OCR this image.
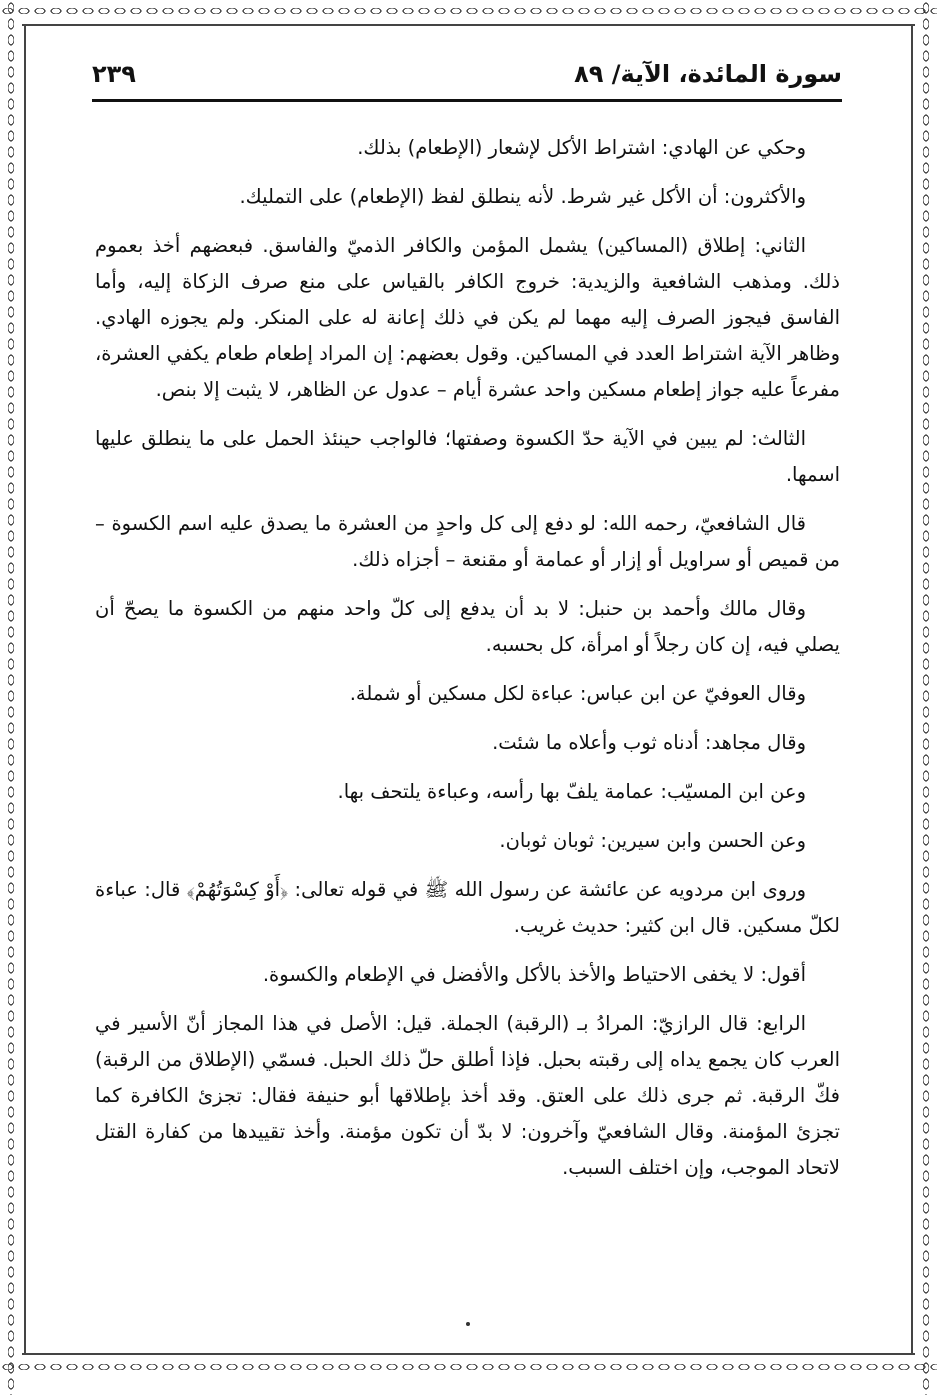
سورة المائدة، الآية/ ٨٩
٢٣٩

وحكي عن الهادي: اشتراط الأكل لإشعار (الإطعام) بذلك.

والأكثرون: أن الأكل غير شرط. لأنه ينطلق لفظ (الإطعام) على التمليك.

الثاني: إطلاق (المساكين) يشمل المؤمن والكافر الذميّ والفاسق. فبعضهم أخذ بعموم ذلك. ومذهب الشافعية والزيدية: خروج الكافر بالقياس على منع صرف الزكاة إليه، وأما الفاسق فيجوز الصرف إليه مهما لم يكن في ذلك إعانة له على المنكر. ولم يجوزه الهادي. وظاهر الآية اشتراط العدد في المساكين. وقول بعضهم: إن المراد إطعام طعام يكفي العشرة، مفرعاً عليه جواز إطعام مسكين واحد عشرة أيام – عدول عن الظاهر، لا يثبت إلا بنص.

الثالث: لم يبين في الآية حدّ الكسوة وصفتها؛ فالواجب حينئذ الحمل على ما ينطلق عليها اسمها.

قال الشافعيّ، رحمه الله: لو دفع إلى كل واحدٍ من العشرة ما يصدق عليه اسم الكسوة – من قميص أو سراويل أو إزار أو عمامة أو مقنعة – أجزاه ذلك.

وقال مالك وأحمد بن حنبل: لا بد أن يدفع إلى كلّ واحد منهم من الكسوة ما يصحّ أن يصلي فيه، إن كان رجلاً أو امرأة، كل بحسبه.

وقال العوفيّ عن ابن عباس: عباءة لكل مسكين أو شملة.

وقال مجاهد: أدناه ثوب وأعلاه ما شئت.

وعن ابن المسيّب: عمامة يلفّ بها رأسه، وعباءة يلتحف بها.

وعن الحسن وابن سيرين: ثوبان ثوبان.

وروى ابن مردويه عن عائشة عن رسول الله ﷺ في قوله تعالى: ﴿أَوْ كِسْوَتُهُمْ﴾ قال: عباءة لكلّ مسكين. قال ابن كثير: حديث غريب.

أقول: لا يخفى الاحتياط والأخذ بالأكل والأفضل في الإطعام والكسوة.

الرابع: قال الرازيّ: المرادُ بـ (الرقبة) الجملة. قيل: الأصل في هذا المجاز أنّ الأسير في العرب كان يجمع يداه إلى رقبته بحبل. فإذا أطلق حلّ ذلك الحبل. فسمّي (الإطلاق من الرقبة) فكّ الرقبة. ثم جرى ذلك على العتق. وقد أخذ بإطلاقها أبو حنيفة فقال: تجزئ الكافرة كما تجزئ المؤمنة. وقال الشافعيّ وآخرون: لا بدّ أن تكون مؤمنة. وأخذ تقييدها من كفارة القتل لاتحاد الموجب، وإن اختلف السبب.
